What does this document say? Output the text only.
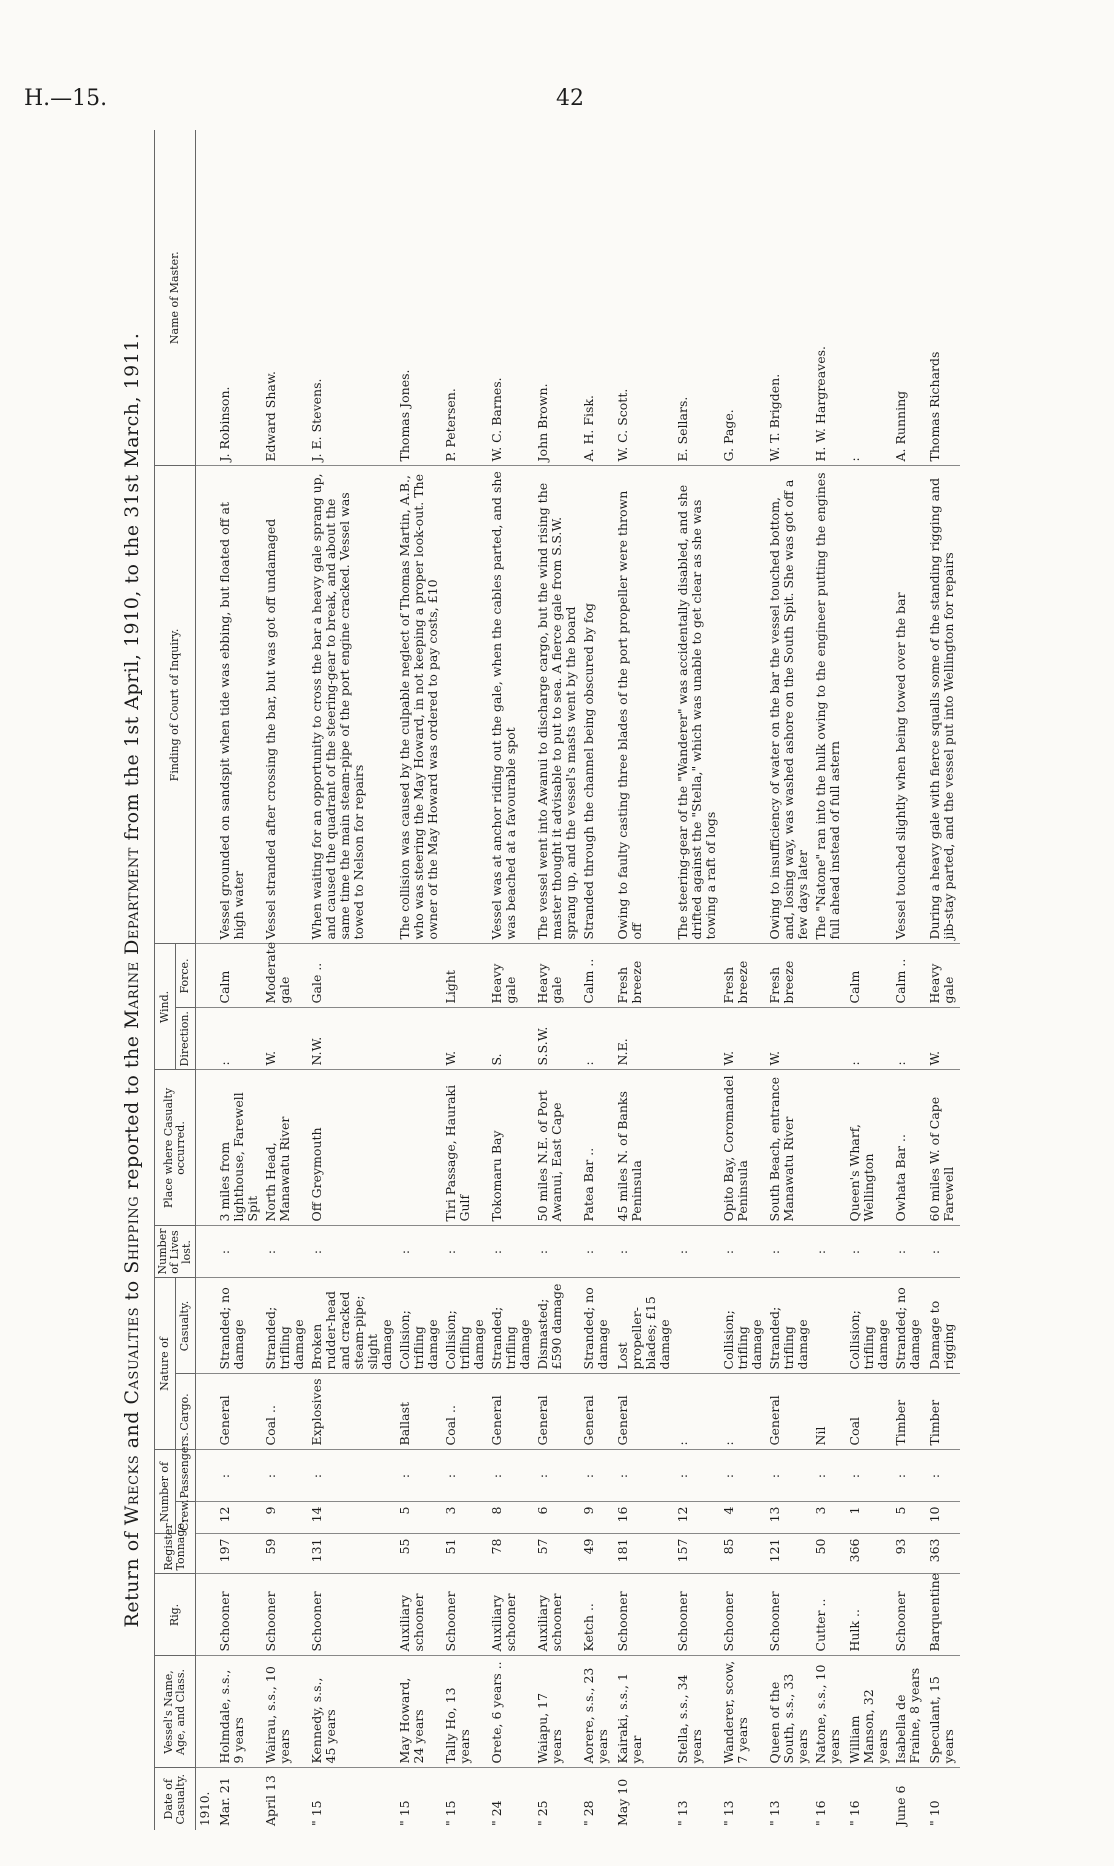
H.—15.	42
Return of Wrecks and Casualties to Shipping reported to the Marine Department from the 1st April, 1910, to the 31st March, 1911.
Date of Casualty.	Vessel's Name, Age, and Class.	Rig.	Register Tonnage.	Number of		Nature of		Number of Lives lost.	Place where Casualty occurred.	Wind.		Finding of Court of Inquiry.	Name of Master.
				Crew.	Passengers.	Cargo.	Casualty.			Direction.	Force.		
1910.													
Mar. 21	Holmdale, s.s., 9 years	Schooner	197	12	:	General	Stranded; no damage	:	3 miles from lighthouse, Farewell Spit	:	Calm	Vessel grounded on sandspit when tide was ebbing, but floated off at high water	J. Robinson.
April 13	Wairau, s.s., 10 years	Schooner	59	9	:	Coal ..	Stranded; trifling damage	:	North Head, Manawatu River	W.	Moderate gale	Vessel stranded after crossing the bar, but was got off undamaged	Edward Shaw.
" 15	Kennedy, s.s., 45 years	Schooner	131	14	:	Explosives	Broken rudder-head and cracked steam-pipe; slight damage	:	Off Greymouth	N.W.	Gale ..	When waiting for an opportunity to cross the bar a heavy gale sprang up, and caused the quadrant of the steering-gear to break, and about the same time the main steam-pipe of the port engine cracked. Vessel was towed to Nelson for repairs	J. E. Stevens.
" 15	May Howard, 24 years	Auxiliary schooner	55	5	:	Ballast	Collision; trifling damage	:				The collision was caused by the culpable neglect of Thomas Martin, A.B., who was steering the May Howard, in not keeping a proper look-out. The owner of the May Howard was ordered to pay costs, £10	Thomas Jones.
" 15	Tally Ho, 13 years	Schooner	51	3	:	Coal ..	Collision; trifling damage	:	Tiri Passage, Hauraki Gulf	W.	Light		P. Petersen.
" 24	Orete, 6 years ..	Auxiliary schooner	78	8	:	General	Stranded; trifling damage	:	Tokomaru Bay	S.	Heavy gale	Vessel was at anchor riding out the gale, when the cables parted, and she was beached at a favourable spot	W. C. Barnes.
" 25	Waiapu, 17 years	Auxiliary schooner	57	6	:	General	Dismasted; £590 damage	:	50 miles N.E. of Port Awanui, East Cape	S.S.W.	Heavy gale	The vessel went into Awanui to discharge cargo, but the wind rising the master thought it advisable to put to sea. A fierce gale from S.S.W. sprang up, and the vessel's masts went by the board	John Brown.
" 28	Aorere, s.s., 23 years	Ketch ..	49	9	:	General	Stranded; no damage	:	Patea Bar ..	:	Calm ..	Stranded through the channel being obscured by fog	A. H. Fisk.
May 10	Kairaki, s.s., 1 year	Schooner	181	16	:	General	Lost propeller-blades; £15 damage	:	45 miles N. of Banks Peninsula	N.E.	Fresh breeze	Owing to faulty casting three blades of the port propeller were thrown off	W. C. Scott.
" 13	Stella, s.s., 34 years	Schooner	157	12	:	:		:				The steering-gear of the "Wanderer" was accidentally disabled, and she drifted against the "Stella," which was unable to get clear as she was towing a raft of logs	E. Sellars.
" 13	Wanderer, scow, 7 years	Schooner	85	4	:	:	Collision; trifling damage	:	Opito Bay, Coromandel Peninsula	W.	Fresh breeze		G. Page.
" 13	Queen of the South, s.s., 33 years	Schooner	121	13	:	General	Stranded; trifling damage	:	South Beach, entrance Manawatu River	W.	Fresh breeze	Owing to insufficiency of water on the bar the vessel touched bottom, and, losing way, was washed ashore on the South Spit. She was got off a few days later	W. T. Brigden.
" 16	Natone, s.s., 10 years	Cutter ..	50	3	:	Nil		:				The "Natone" ran into the hulk owing to the engineer putting the engines full ahead instead of full astern	H. W. Hargreaves.
" 16	William Manson, 32 years	Hulk ..	366	1	:	Coal	Collision; trifling damage	:	Queen's Wharf, Wellington	:	Calm		:
June 6	Isabella de Fraine, 8 years	Schooner	93	5	:	Timber	Stranded; no damage	:	Owhata Bar ..	:	Calm ..	Vessel touched slightly when being towed over the bar	A. Running
" 10	Speculant, 15 years	Barquentine	363	10	:	Timber	Damage to rigging	:	60 miles W. of Cape Farewell	W.	Heavy gale	During a heavy gale with fierce squalls some of the standing rigging and jib-stay parted, and the vessel put into Wellington for repairs	Thomas Richards
